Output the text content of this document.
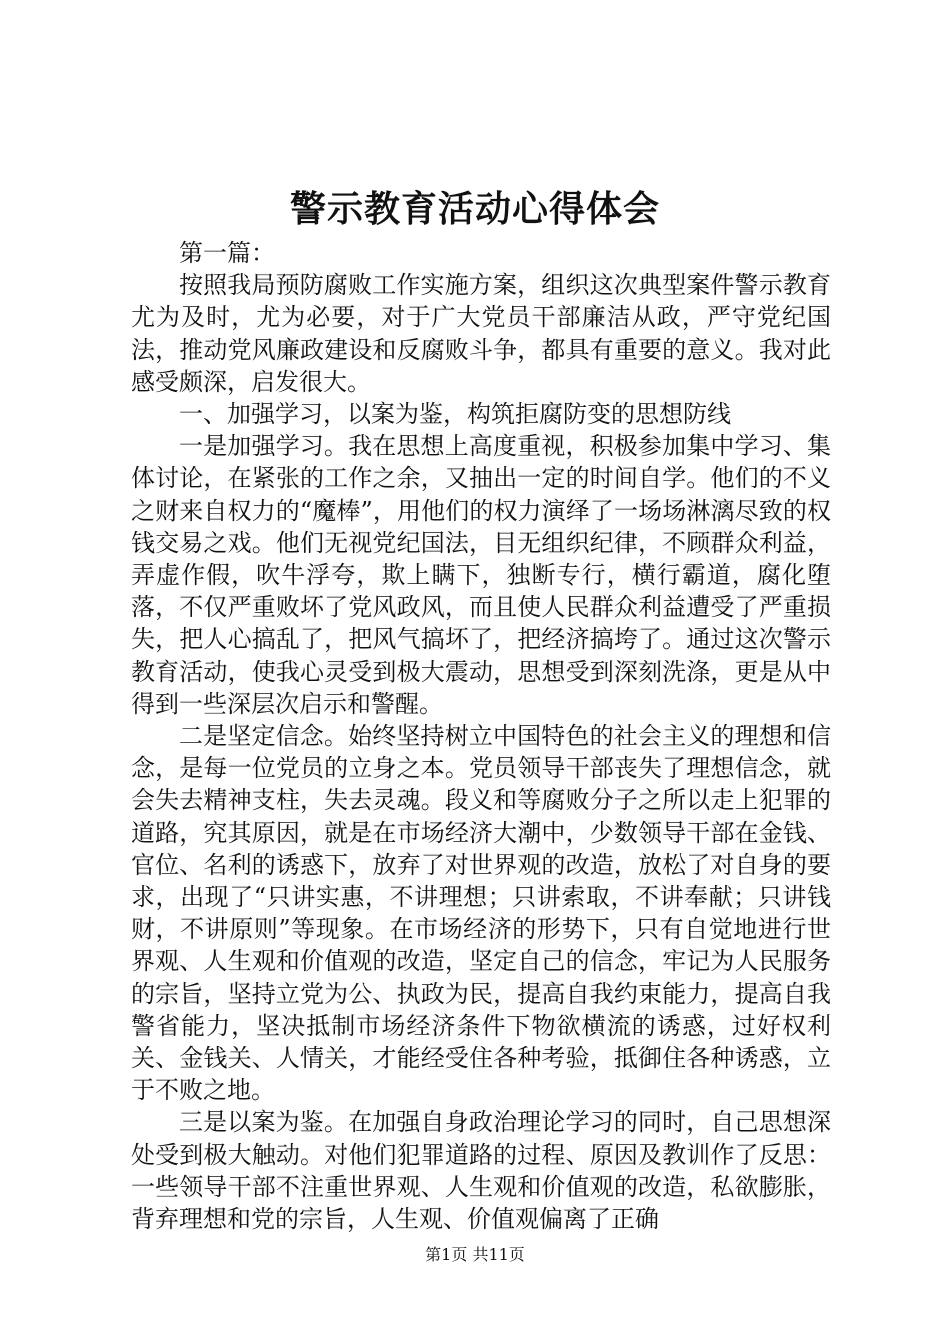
警示教育活动心得体会

第一篇：

按照我局预防腐败工作实施方案，组织这次典型案件警示教育尤为及时，尤为必要，对于广大党员干部廉洁从政，严守党纪国法，推动党风廉政建设和反腐败斗争，都具有重要的意义。我对此感受颇深，启发很大。

一、加强学习，以案为鉴，构筑拒腐防变的思想防线

一是加强学习。我在思想上高度重视，积极参加集中学习、集体讨论，在紧张的工作之余，又抽出一定的时间自学。他们的不义之财来自权力的“魔棒”，用他们的权力演绎了一场场淋漓尽致的权钱交易之戏。他们无视党纪国法，目无组织纪律，不顾群众利益，弄虚作假，吹牛浮夸，欺上瞒下，独断专行，横行霸道，腐化堕落，不仅严重败坏了党风政风，而且使人民群众利益遭受了严重损失，把人心搞乱了，把风气搞坏了，把经济搞垮了。通过这次警示教育活动，使我心灵受到极大震动，思想受到深刻洗涤，更是从中得到一些深层次启示和警醒。

二是坚定信念。始终坚持树立中国特色的社会主义的理想和信念，是每一位党员的立身之本。党员领导干部丧失了理想信念，就会失去精神支柱，失去灵魂。段义和等腐败分子之所以走上犯罪的道路，究其原因，就是在市场经济大潮中，少数领导干部在金钱、官位、名利的诱惑下，放弃了对世界观的改造，放松了对自身的要求，出现了“只讲实惠，不讲理想；只讲索取，不讲奉献；只讲钱财，不讲原则”等现象。在市场经济的形势下，只有自觉地进行世界观、人生观和价值观的改造，坚定自己的信念，牢记为人民服务的宗旨，坚持立党为公、执政为民，提高自我约束能力，提高自我警省能力，坚决抵制市场经济条件下物欲横流的诱惑，过好权利关、金钱关、人情关，才能经受住各种考验，抵御住各种诱惑，立于不败之地。

三是以案为鉴。在加强自身政治理论学习的同时，自己思想深处受到极大触动。对他们犯罪道路的过程、原因及教训作了反思：一些领导干部不注重世界观、人生观和价值观的改造，私欲膨胀，背弃理想和党的宗旨，人生观、价值观偏离了正确

第1页 共11页
